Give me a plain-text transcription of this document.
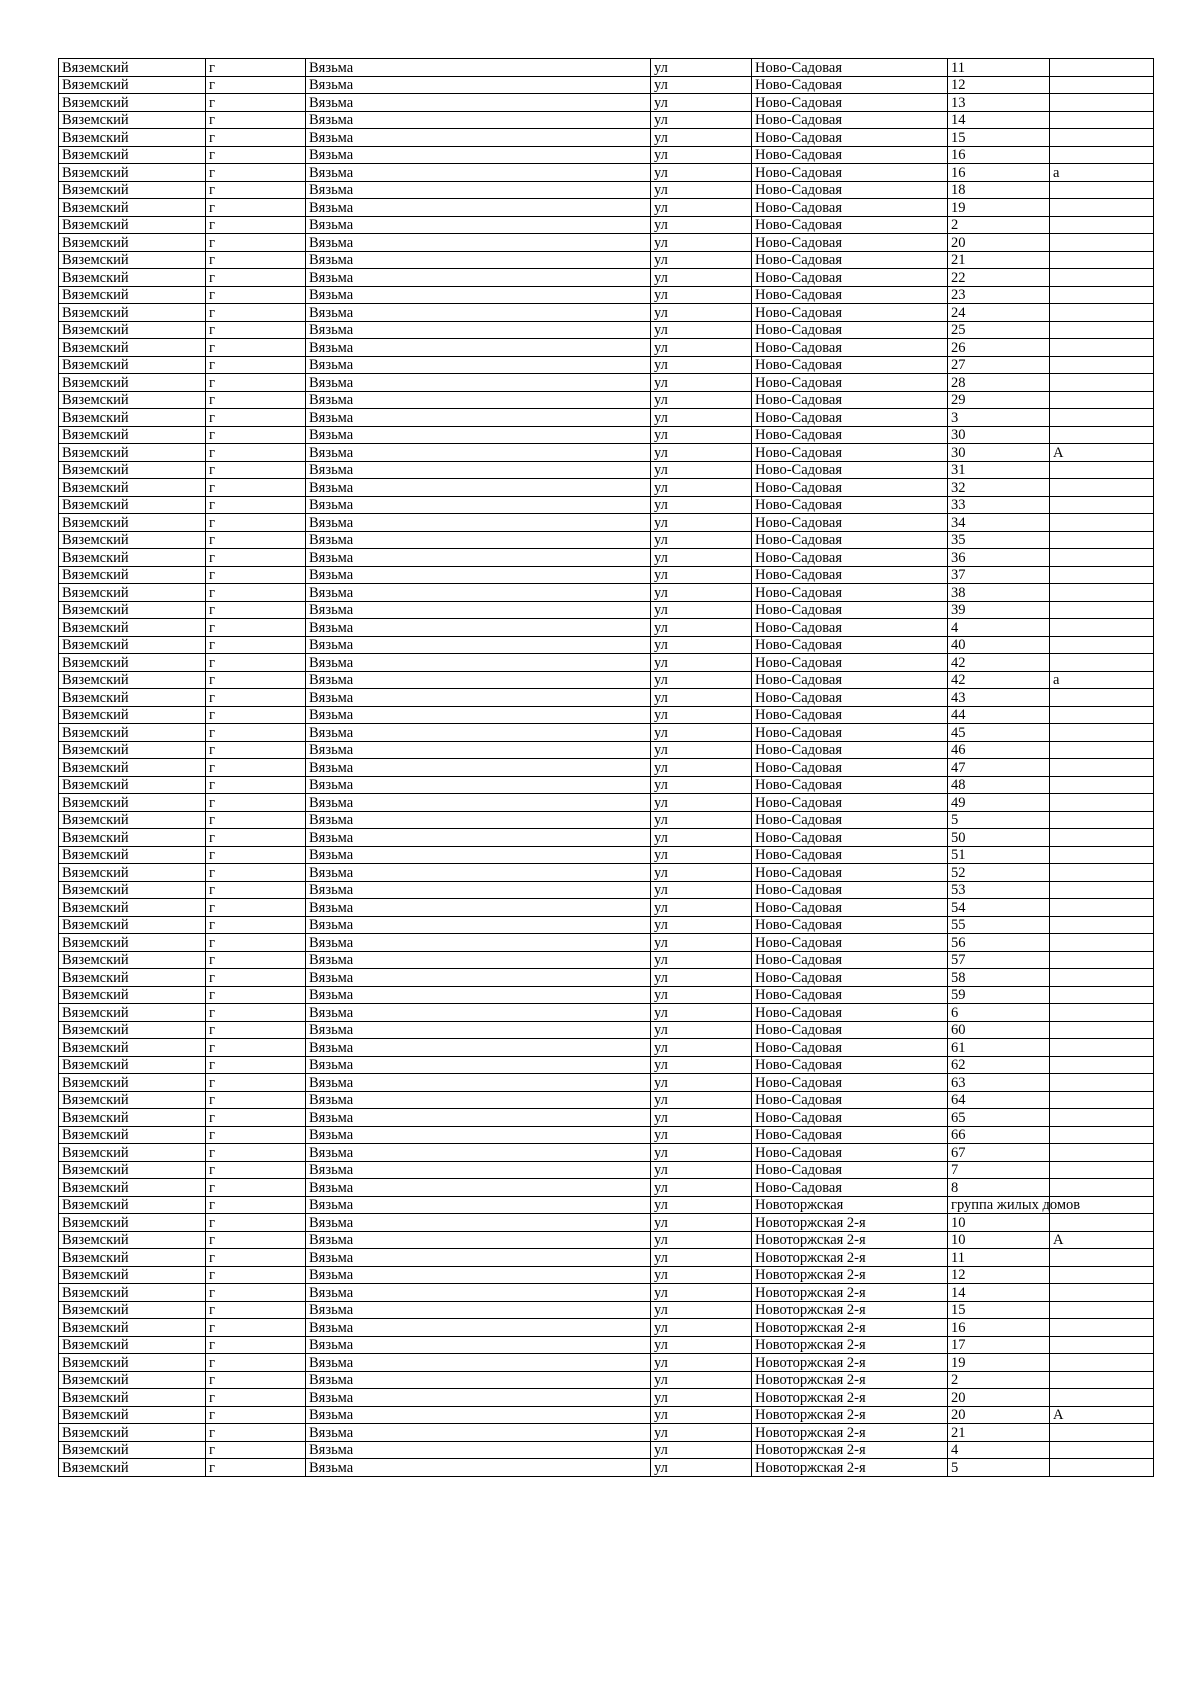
Вяземский	г	Вязьма	ул	Ново-Садовая	11	
Вяземский	г	Вязьма	ул	Ново-Садовая	12	
Вяземский	г	Вязьма	ул	Ново-Садовая	13	
Вяземский	г	Вязьма	ул	Ново-Садовая	14	
Вяземский	г	Вязьма	ул	Ново-Садовая	15	
Вяземский	г	Вязьма	ул	Ново-Садовая	16	
Вяземский	г	Вязьма	ул	Ново-Садовая	16	а
Вяземский	г	Вязьма	ул	Ново-Садовая	18	
Вяземский	г	Вязьма	ул	Ново-Садовая	19	
Вяземский	г	Вязьма	ул	Ново-Садовая	2	
Вяземский	г	Вязьма	ул	Ново-Садовая	20	
Вяземский	г	Вязьма	ул	Ново-Садовая	21	
Вяземский	г	Вязьма	ул	Ново-Садовая	22	
Вяземский	г	Вязьма	ул	Ново-Садовая	23	
Вяземский	г	Вязьма	ул	Ново-Садовая	24	
Вяземский	г	Вязьма	ул	Ново-Садовая	25	
Вяземский	г	Вязьма	ул	Ново-Садовая	26	
Вяземский	г	Вязьма	ул	Ново-Садовая	27	
Вяземский	г	Вязьма	ул	Ново-Садовая	28	
Вяземский	г	Вязьма	ул	Ново-Садовая	29	
Вяземский	г	Вязьма	ул	Ново-Садовая	3	
Вяземский	г	Вязьма	ул	Ново-Садовая	30	
Вяземский	г	Вязьма	ул	Ново-Садовая	30	А
Вяземский	г	Вязьма	ул	Ново-Садовая	31	
Вяземский	г	Вязьма	ул	Ново-Садовая	32	
Вяземский	г	Вязьма	ул	Ново-Садовая	33	
Вяземский	г	Вязьма	ул	Ново-Садовая	34	
Вяземский	г	Вязьма	ул	Ново-Садовая	35	
Вяземский	г	Вязьма	ул	Ново-Садовая	36	
Вяземский	г	Вязьма	ул	Ново-Садовая	37	
Вяземский	г	Вязьма	ул	Ново-Садовая	38	
Вяземский	г	Вязьма	ул	Ново-Садовая	39	
Вяземский	г	Вязьма	ул	Ново-Садовая	4	
Вяземский	г	Вязьма	ул	Ново-Садовая	40	
Вяземский	г	Вязьма	ул	Ново-Садовая	42	
Вяземский	г	Вязьма	ул	Ново-Садовая	42	а
Вяземский	г	Вязьма	ул	Ново-Садовая	43	
Вяземский	г	Вязьма	ул	Ново-Садовая	44	
Вяземский	г	Вязьма	ул	Ново-Садовая	45	
Вяземский	г	Вязьма	ул	Ново-Садовая	46	
Вяземский	г	Вязьма	ул	Ново-Садовая	47	
Вяземский	г	Вязьма	ул	Ново-Садовая	48	
Вяземский	г	Вязьма	ул	Ново-Садовая	49	
Вяземский	г	Вязьма	ул	Ново-Садовая	5	
Вяземский	г	Вязьма	ул	Ново-Садовая	50	
Вяземский	г	Вязьма	ул	Ново-Садовая	51	
Вяземский	г	Вязьма	ул	Ново-Садовая	52	
Вяземский	г	Вязьма	ул	Ново-Садовая	53	
Вяземский	г	Вязьма	ул	Ново-Садовая	54	
Вяземский	г	Вязьма	ул	Ново-Садовая	55	
Вяземский	г	Вязьма	ул	Ново-Садовая	56	
Вяземский	г	Вязьма	ул	Ново-Садовая	57	
Вяземский	г	Вязьма	ул	Ново-Садовая	58	
Вяземский	г	Вязьма	ул	Ново-Садовая	59	
Вяземский	г	Вязьма	ул	Ново-Садовая	6	
Вяземский	г	Вязьма	ул	Ново-Садовая	60	
Вяземский	г	Вязьма	ул	Ново-Садовая	61	
Вяземский	г	Вязьма	ул	Ново-Садовая	62	
Вяземский	г	Вязьма	ул	Ново-Садовая	63	
Вяземский	г	Вязьма	ул	Ново-Садовая	64	
Вяземский	г	Вязьма	ул	Ново-Садовая	65	
Вяземский	г	Вязьма	ул	Ново-Садовая	66	
Вяземский	г	Вязьма	ул	Ново-Садовая	67	
Вяземский	г	Вязьма	ул	Ново-Садовая	7	
Вяземский	г	Вязьма	ул	Ново-Садовая	8	
Вяземский	г	Вязьма	ул	Новоторжская	группа жилых домов	
Вяземский	г	Вязьма	ул	Новоторжская 2-я	10	
Вяземский	г	Вязьма	ул	Новоторжская 2-я	10	А
Вяземский	г	Вязьма	ул	Новоторжская 2-я	11	
Вяземский	г	Вязьма	ул	Новоторжская 2-я	12	
Вяземский	г	Вязьма	ул	Новоторжская 2-я	14	
Вяземский	г	Вязьма	ул	Новоторжская 2-я	15	
Вяземский	г	Вязьма	ул	Новоторжская 2-я	16	
Вяземский	г	Вязьма	ул	Новоторжская 2-я	17	
Вяземский	г	Вязьма	ул	Новоторжская 2-я	19	
Вяземский	г	Вязьма	ул	Новоторжская 2-я	2	
Вяземский	г	Вязьма	ул	Новоторжская 2-я	20	
Вяземский	г	Вязьма	ул	Новоторжская 2-я	20	А
Вяземский	г	Вязьма	ул	Новоторжская 2-я	21	
Вяземский	г	Вязьма	ул	Новоторжская 2-я	4	
Вяземский	г	Вязьма	ул	Новоторжская 2-я	5	
